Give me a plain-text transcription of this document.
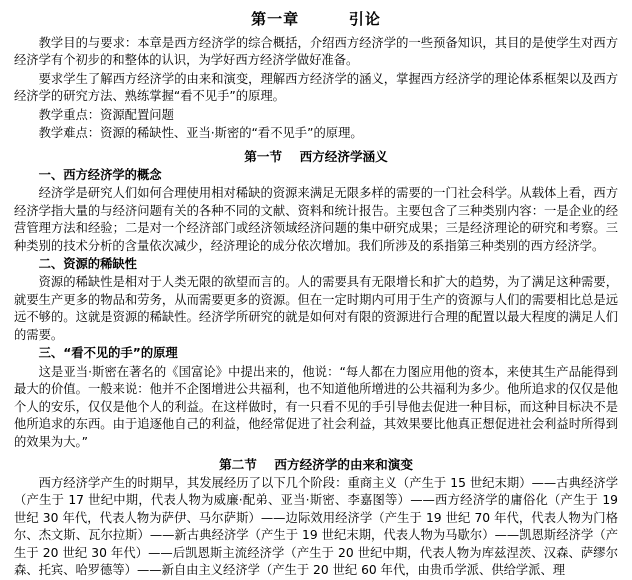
第一章        引论
教学目的与要求：本章是西方经济学的综合概括，介绍西方经济学的一些预备知识，其目的是使学生对西方经济学有个初步的和整体的认识，为学好西方经济学做好准备。
要求学生了解西方经济学的由来和演变，理解西方经济学的涵义，掌握西方经济学的理论体系框架以及西方经济学的研究方法、熟练掌握“看不见手”的原理。
教学重点：资源配置问题
教学难点：资源的稀缺性、亚当·斯密的“看不见手”的原理。
第一节    西方经济学涵义
一、西方经济学的概念
经济学是研究人们如何合理使用相对稀缺的资源来满足无限多样的需要的一门社会科学。从载体上看，西方经济学指大量的与经济问题有关的各种不同的文献、资料和统计报告。主要包含了三种类别内容：一是企业的经营管理方法和经验；二是对一个经济部门或经济领域经济问题的集中研究成果；三是经济理论的研究和考察。三种类别的技术分析的含量依次减少，经济理论的成分依次增加。我们所涉及的系指第三种类别的西方经济学。
二、资源的稀缺性
资源的稀缺性是相对于人类无限的欲望而言的。人的需要具有无限增长和扩大的趋势，为了满足这种需要，就要生产更多的物品和劳务，从而需要更多的资源。但在一定时期内可用于生产的资源与人们的需要相比总是远远不够的。这就是资源的稀缺性。经济学所研究的就是如何对有限的资源进行合理的配置以最大程度的满足人们的需要。
三、“看不见的手”的原理
这是亚当·斯密在著名的《国富论》中提出来的，他说：“每人都在力图应用他的资本，来使其生产品能得到最大的价值。一般来说：他并不企图增进公共福利，也不知道他所增进的公共福利为多少。他所追求的仅仅是他个人的安乐，仅仅是他个人的利益。在这样做时，有一只看不见的手引导他去促进一种目标，而这种目标决不是他所追求的东西。由于追逐他自己的利益，他经常促进了社会利益，其效果要比他真正想促进社会利益时所得到的效果为大。”
第二节    西方经济学的由来和演变
西方经济学产生的时期早，其发展经历了以下几个阶段：重商主义（产生于 15 世纪末期）——古典经济学（产生于 17 世纪中期，代表人物为威廉·配弟、亚当·斯密、李嘉图等）——西方经济学的庸俗化（产生于 19 世纪 30 年代，代表人物为萨伊、马尔萨斯）——边际效用经济学（产生于 19 世纪 70 年代，代表人物为门格尔、杰文斯、瓦尔拉斯）——新古典经济学（产生于 19 世纪末期，代表人物为马歇尔）——凯恩斯经济学（产生于 20 世纪 30 年代）——后凯恩斯主流经济学（产生于 20 世纪中期，代表人物为库兹涅茨、汉森、萨缪尔森、托宾、哈罗德等）——新自由主义经济学（产生于 20 世纪 60 年代，由贵币学派、供给学派、理
